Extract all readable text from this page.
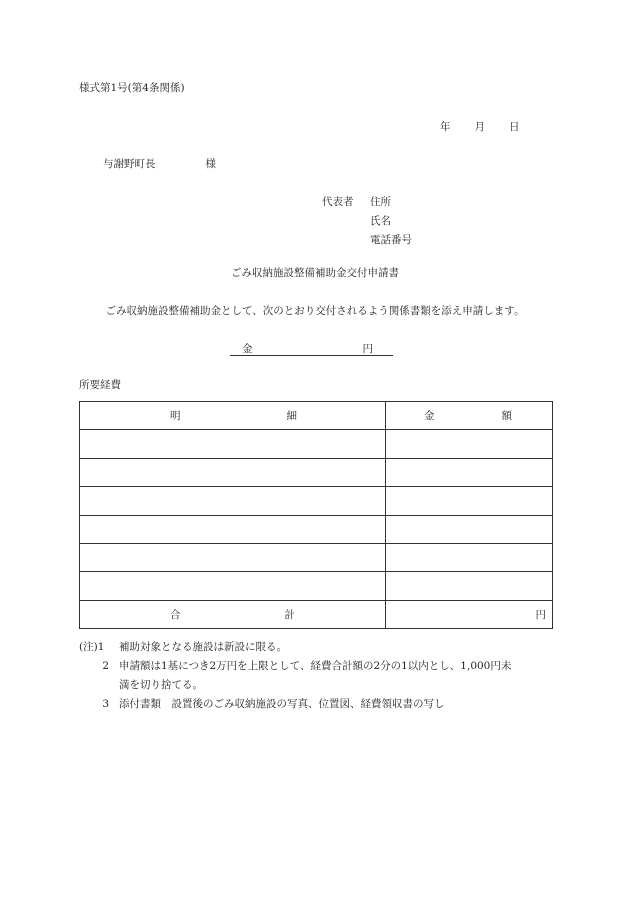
様式第1号(第4条関係)
年 月 日
与謝野町長	様
代表者 住所
氏名
電話番号
ごみ収納施設整備補助金交付申請書
ごみ収納施設整備補助金として、次のとおり交付されるよう関係書類を添え申請します。
金	円
所要経費
明 細	金 額

合 計	円
(注)1 補助対象となる施設は新設に限る。
2 申請額は1基につき2万円を上限として、経費合計額の2分の1以内とし、1,000円未
満を切り捨てる。
3 添付書類　設置後のごみ収納施設の写真、位置図、経費領収書の写し
